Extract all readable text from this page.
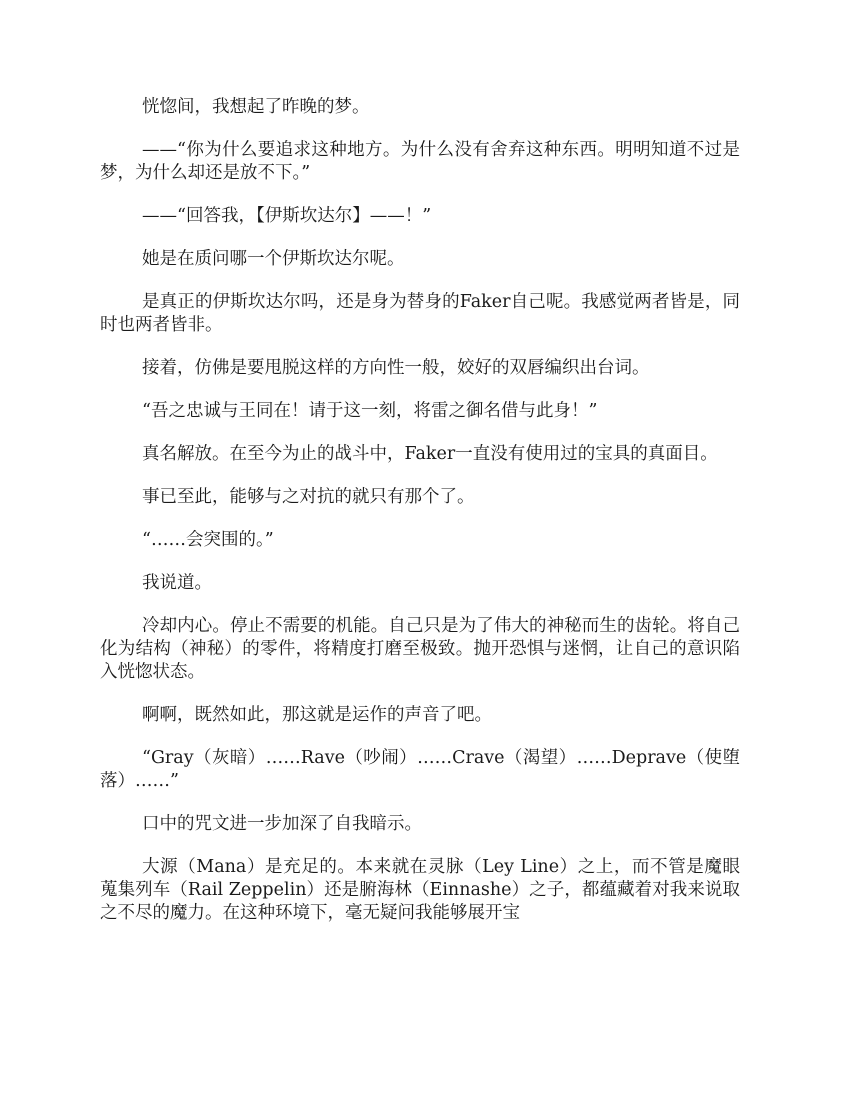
恍惚间，我想起了昨晚的梦。

——“你为什么要追求这种地方。为什么没有舍弃这种东西。明明知道不过是梦，为什么却还是放不下。”

——“回答我，【伊斯坎达尔】——！”

她是在质问哪一个伊斯坎达尔呢。

是真正的伊斯坎达尔吗，还是身为替身的Faker自己呢。我感觉两者皆是，同时也两者皆非。

接着，仿佛是要甩脱这样的方向性一般，姣好的双唇编织出台词。

“吾之忠诚与王同在！请于这一刻，将雷之御名借与此身！”

真名解放。在至今为止的战斗中，Faker一直没有使用过的宝具的真面目。

事已至此，能够与之对抗的就只有那个了。

“……会突围的。”

我说道。

冷却内心。停止不需要的机能。自己只是为了伟大的神秘而生的齿轮。将自己化为结构（神秘）的零件，将精度打磨至极致。抛开恐惧与迷惘，让自己的意识陷入恍惚状态。

啊啊，既然如此，那这就是运作的声音了吧。

“Gray（灰暗）……Rave（吵闹）……Crave（渴望）……Deprave（使堕落）……”

口中的咒文进一步加深了自我暗示。

大源（Mana）是充足的。本来就在灵脉（Ley Line）之上，而不管是魔眼蒐集列车（Rail Zeppelin）还是腑海林（Einnashe）之子，都蕴藏着对我来说取之不尽的魔力。在这种环境下，毫无疑问我能够展开宝
